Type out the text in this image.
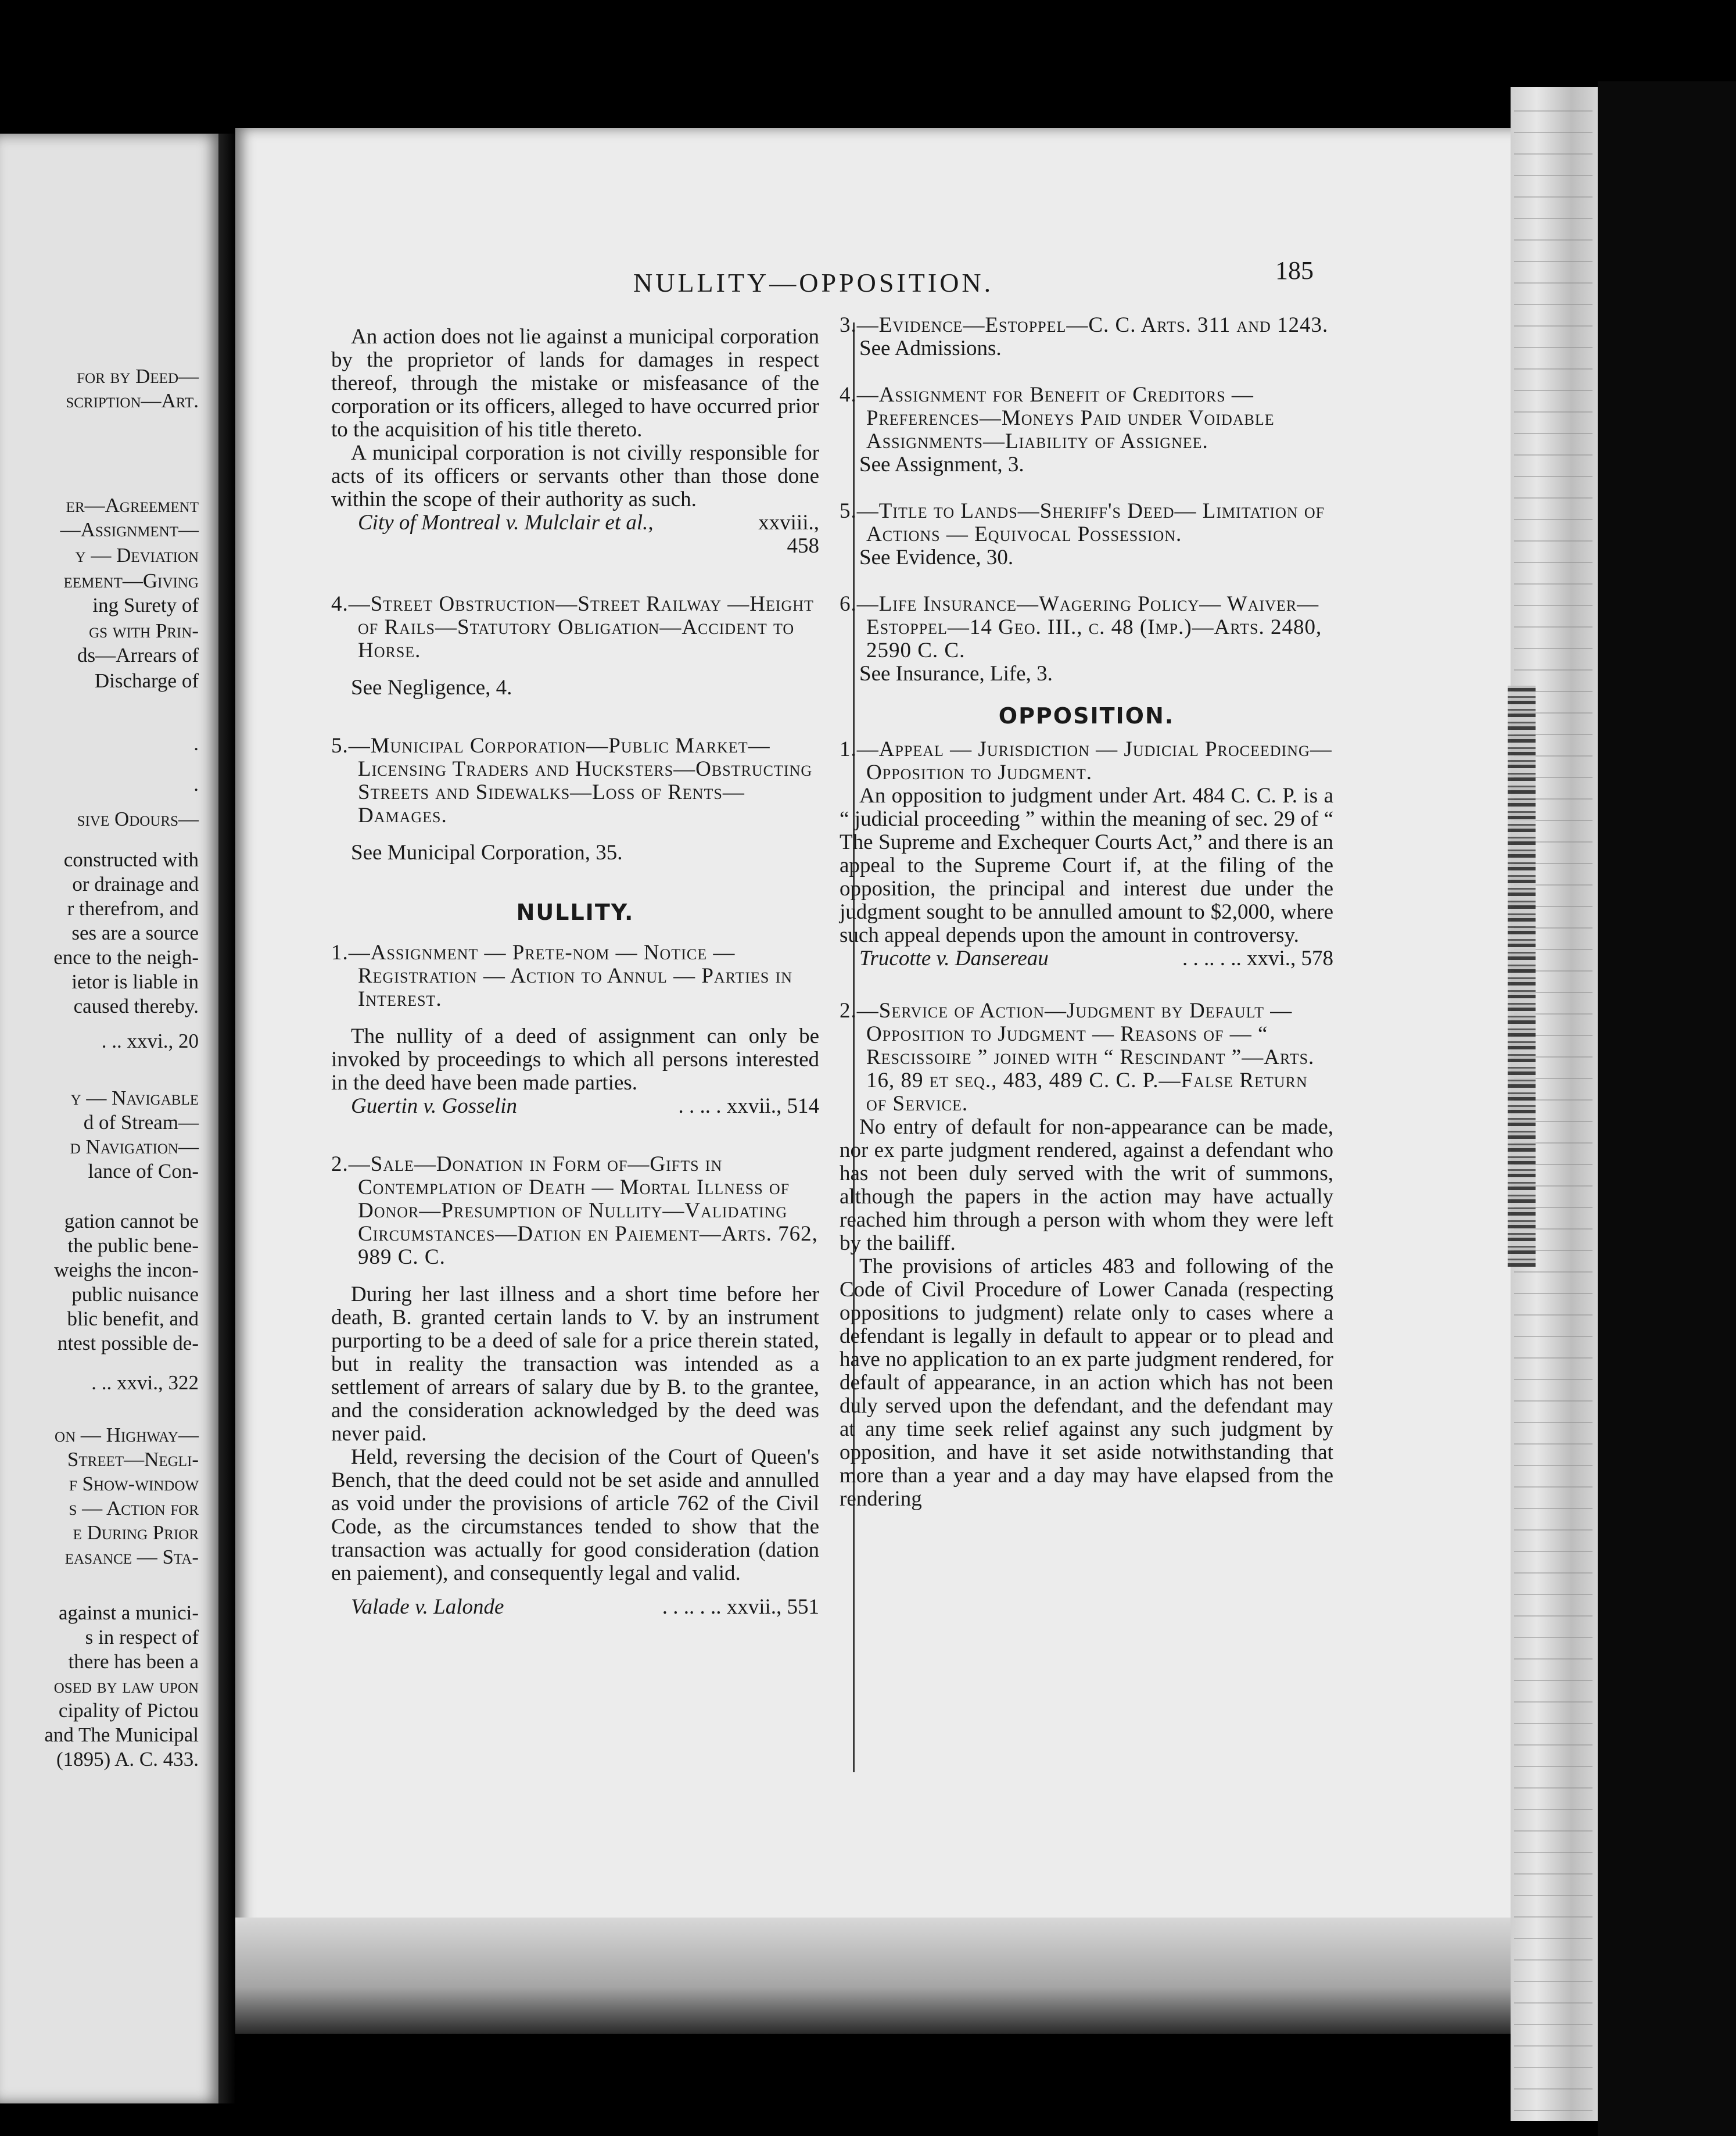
for by Deed—
scription—Art.
er—Agreement
—Assignment—
y — Deviation
eement—Giving
ing Surety of
gs with Prin-
ds—Arrears of
Discharge of
.
.
sive Odours—
constructed with
or drainage and
r therefrom, and
ses are a source
ence to the neigh-
ietor is liable in
caused thereby.
. .. xxvi., 20
y — Navigable
d of Stream—
d Navigation—
lance of Con-
gation cannot be
the public bene-
weighs the incon-
public nuisance
blic benefit, and
ntest possible de-
. .. xxvi., 322
on — Highway—
Street—Negli-
f Show-window
s — Action for
e During Prior
easance — Sta-
against a munici-
s in respect of
there has been a
osed by law upon
cipality of Pictou
and The Municipal
(1895) A. C. 433.
NULLITY—OPPOSITION.	185

An action does not lie against a municipal corporation by the proprietor of lands for damages in respect thereof, through the mistake or misfeasance of the corporation or its officers, alleged to have occurred prior to the acquisition of his title thereto.

A municipal corporation is not civilly responsible for acts of its officers or servants other than those done within the scope of their authority as such.

City of Montreal v. Mulclair et al.,	xxviii.,
458

4.—Street Obstruction—Street Railway —Height of Rails—Statutory Obligation—Accident to Horse.

See Negligence, 4.

5.—Municipal Corporation—Public Market—Licensing Traders and Hucksters—Obstructing Streets and Sidewalks—Loss of Rents—Damages.

See Municipal Corporation, 35.

NULLITY.

1.—Assignment — Prete-nom — Notice — Registration — Action to Annul — Parties in Interest.

The nullity of a deed of assignment can only be invoked by proceedings to which all persons interested in the deed have been made parties.

Guertin v. Gosselin	. . .. . xxvii., 514

2.—Sale—Donation in Form of—Gifts in Contemplation of Death — Mortal Illness of Donor—Presumption of Nullity—Validating Circumstances—Dation en Paiement—Arts. 762, 989 C. C.

During her last illness and a short time before her death, B. granted certain lands to V. by an instrument purporting to be a deed of sale for a price therein stated, but in reality the transaction was intended as a settlement of arrears of salary due by B. to the grantee, and the consideration acknowledged by the deed was never paid.

Held, reversing the decision of the Court of Queen's Bench, that the deed could not be set aside and annulled as void under the provisions of article 762 of the Civil Code, as the circumstances tended to show that the transaction was actually for good consideration (dation en paiement), and consequently legal and valid.

Valade v. Lalonde	. . .. . .. xxvii., 551

3.—Evidence—Estoppel—C. C. Arts. 311 and 1243.

See Admissions.

4.—Assignment for Benefit of Creditors —Preferences—Moneys Paid under Voidable Assignments—Liability of Assignee.

See Assignment, 3.

5.—Title to Lands—Sheriff's Deed— Limitation of Actions — Equivocal Possession.

See Evidence, 30.

6.—Life Insurance—Wagering Policy— Waiver—Estoppel—14 Geo. III., c. 48 (Imp.)—Arts. 2480, 2590 C. C.

See Insurance, Life, 3.

OPPOSITION.

1.—Appeal — Jurisdiction — Judicial Proceeding—Opposition to Judgment.

An opposition to judgment under Art. 484 C. C. P. is a “ judicial proceeding ” within the meaning of sec. 29 of “ The Supreme and Exchequer Courts Act,” and there is an appeal to the Supreme Court if, at the filing of the opposition, the principal and interest due under the judgment sought to be annulled amount to $2,000, where such appeal depends upon the amount in controversy.

Trucotte v. Dansereau	. . .. . .. xxvi., 578

2.—Service of Action—Judgment by Default — Opposition to Judgment — Reasons of — “ Rescissoire ” joined with “ Rescindant ”—Arts. 16, 89 et seq., 483, 489 C. C. P.—False Return of Service.

No entry of default for non-appearance can be made, nor ex parte judgment rendered, against a defendant who has not been duly served with the writ of summons, although the papers in the action may have actually reached him through a person with whom they were left by the bailiff.

The provisions of articles 483 and following of the Code of Civil Procedure of Lower Canada (respecting oppositions to judgment) relate only to cases where a defendant is legally in default to appear or to plead and have no application to an ex parte judgment rendered, for default of appearance, in an action which has not been duly served upon the defendant, and the defendant may at any time seek relief against any such judgment by opposition, and have it set aside notwithstanding that more than a year and a day may have elapsed from the rendering
